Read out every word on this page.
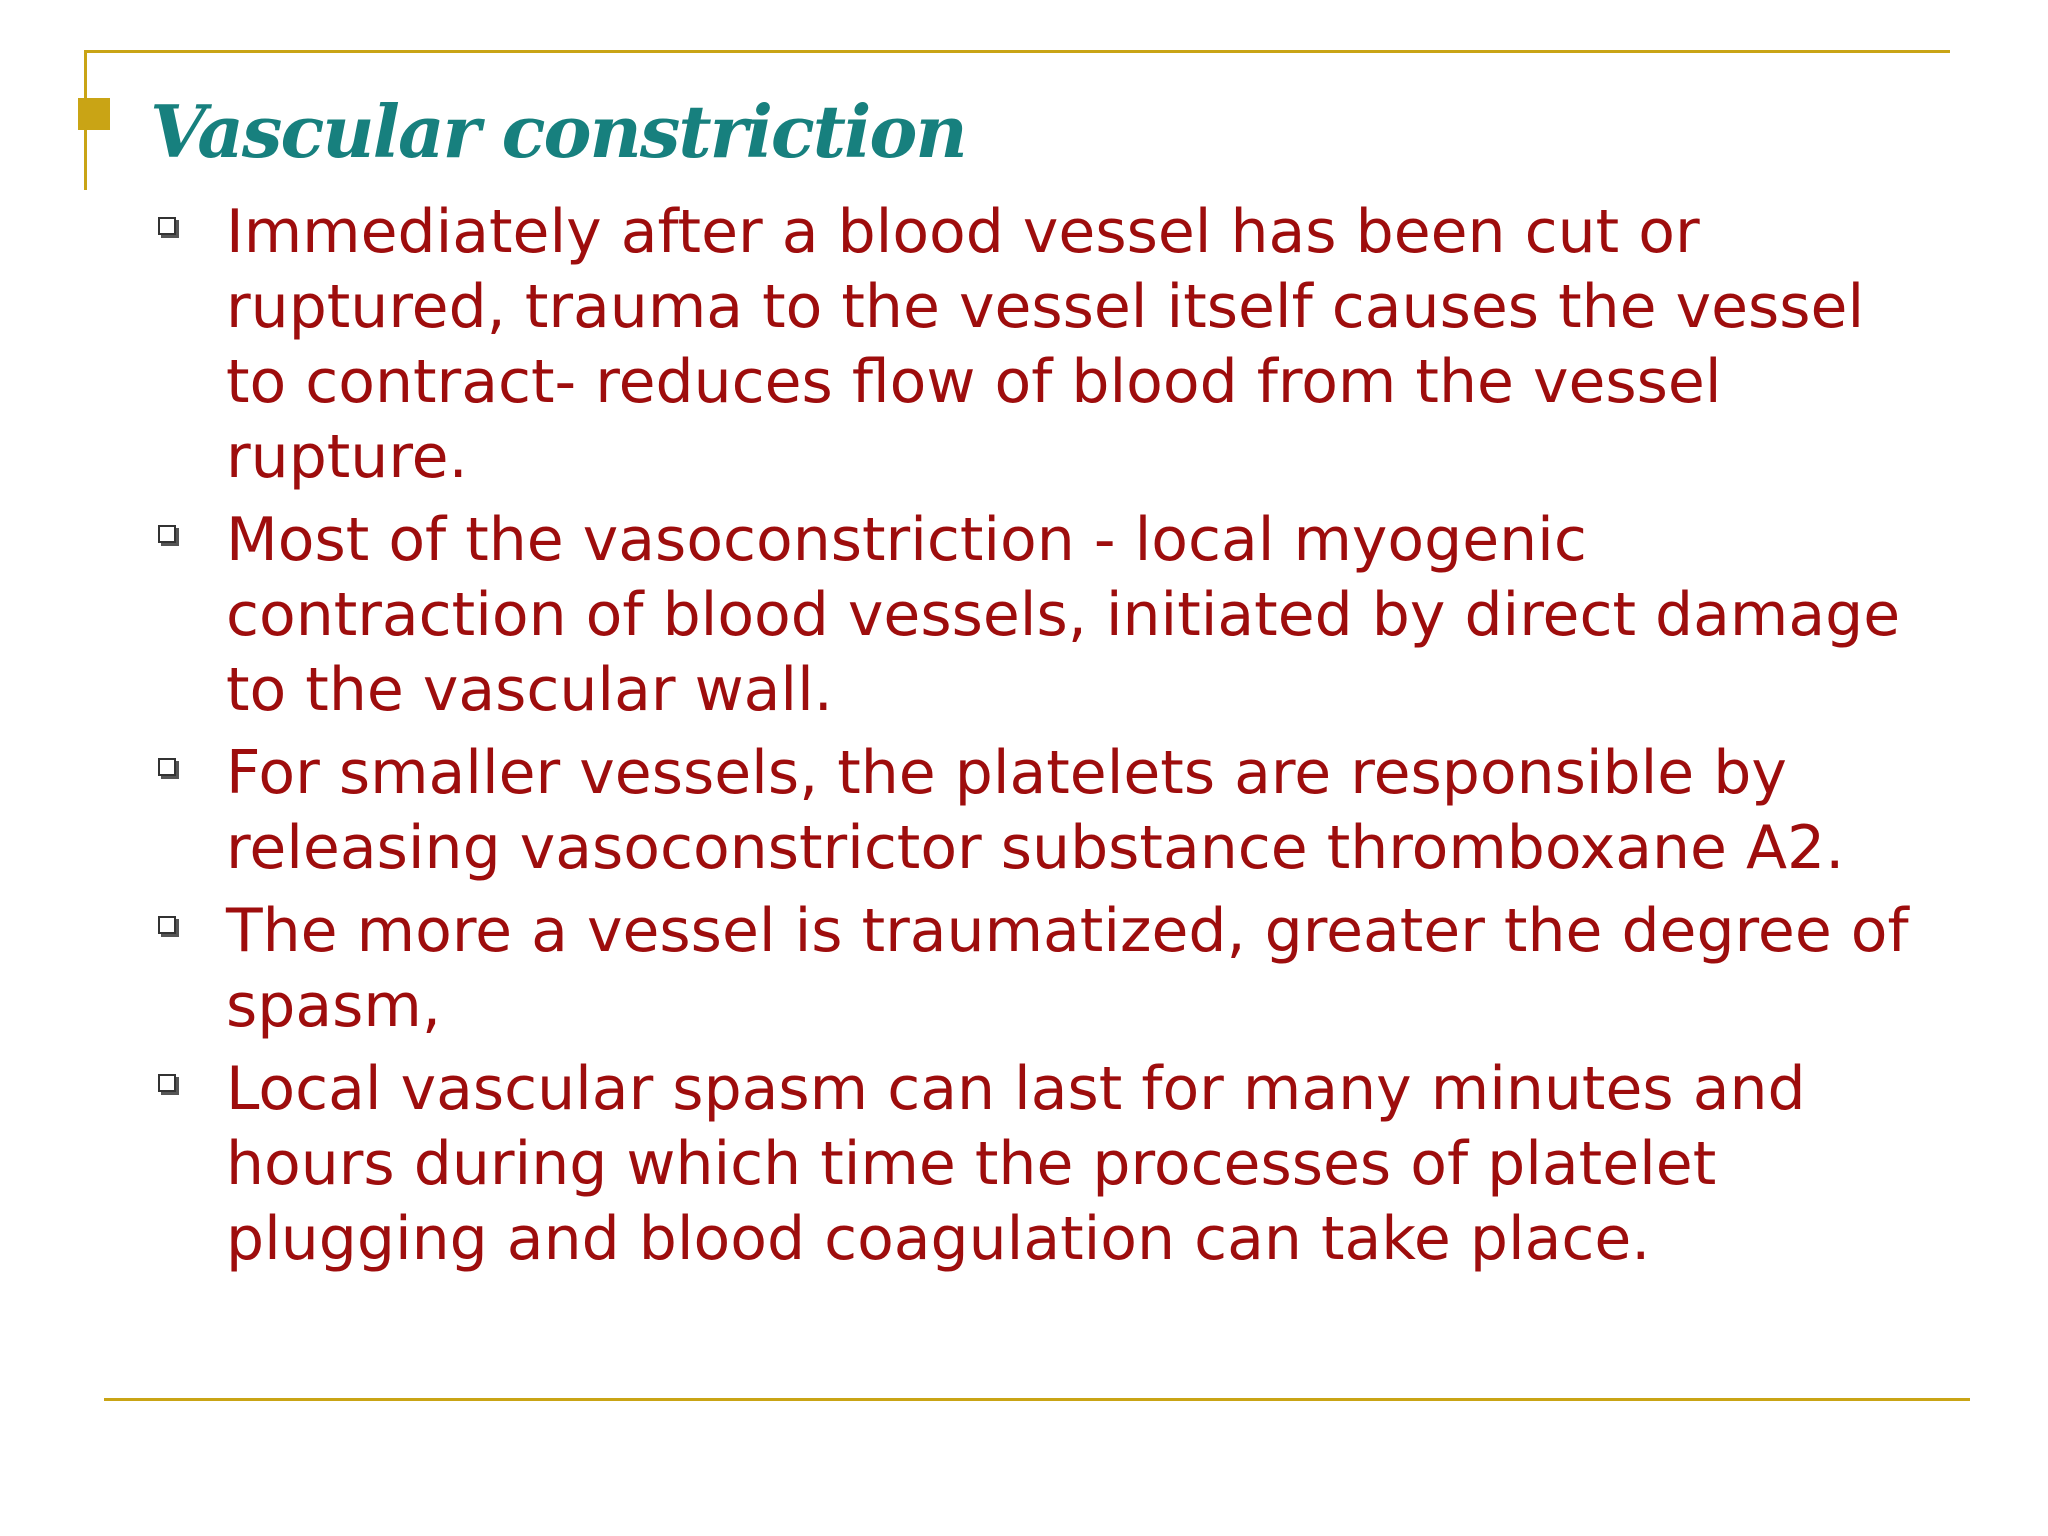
Vascular constriction
Immediately after a blood vessel has been cut or ruptured, trauma to the vessel itself causes the vessel to contract- reduces flow of blood from the vessel rupture.
Most of the vasoconstriction - local myogenic contraction of blood vessels, initiated by direct damage to the vascular wall.
For smaller vessels, the platelets are responsible by releasing vasoconstrictor substance thromboxane A2.
The more a vessel is traumatized, greater the degree of spasm,
Local vascular spasm can last for many minutes and hours during which time the processes of platelet plugging and blood coagulation can take place.
